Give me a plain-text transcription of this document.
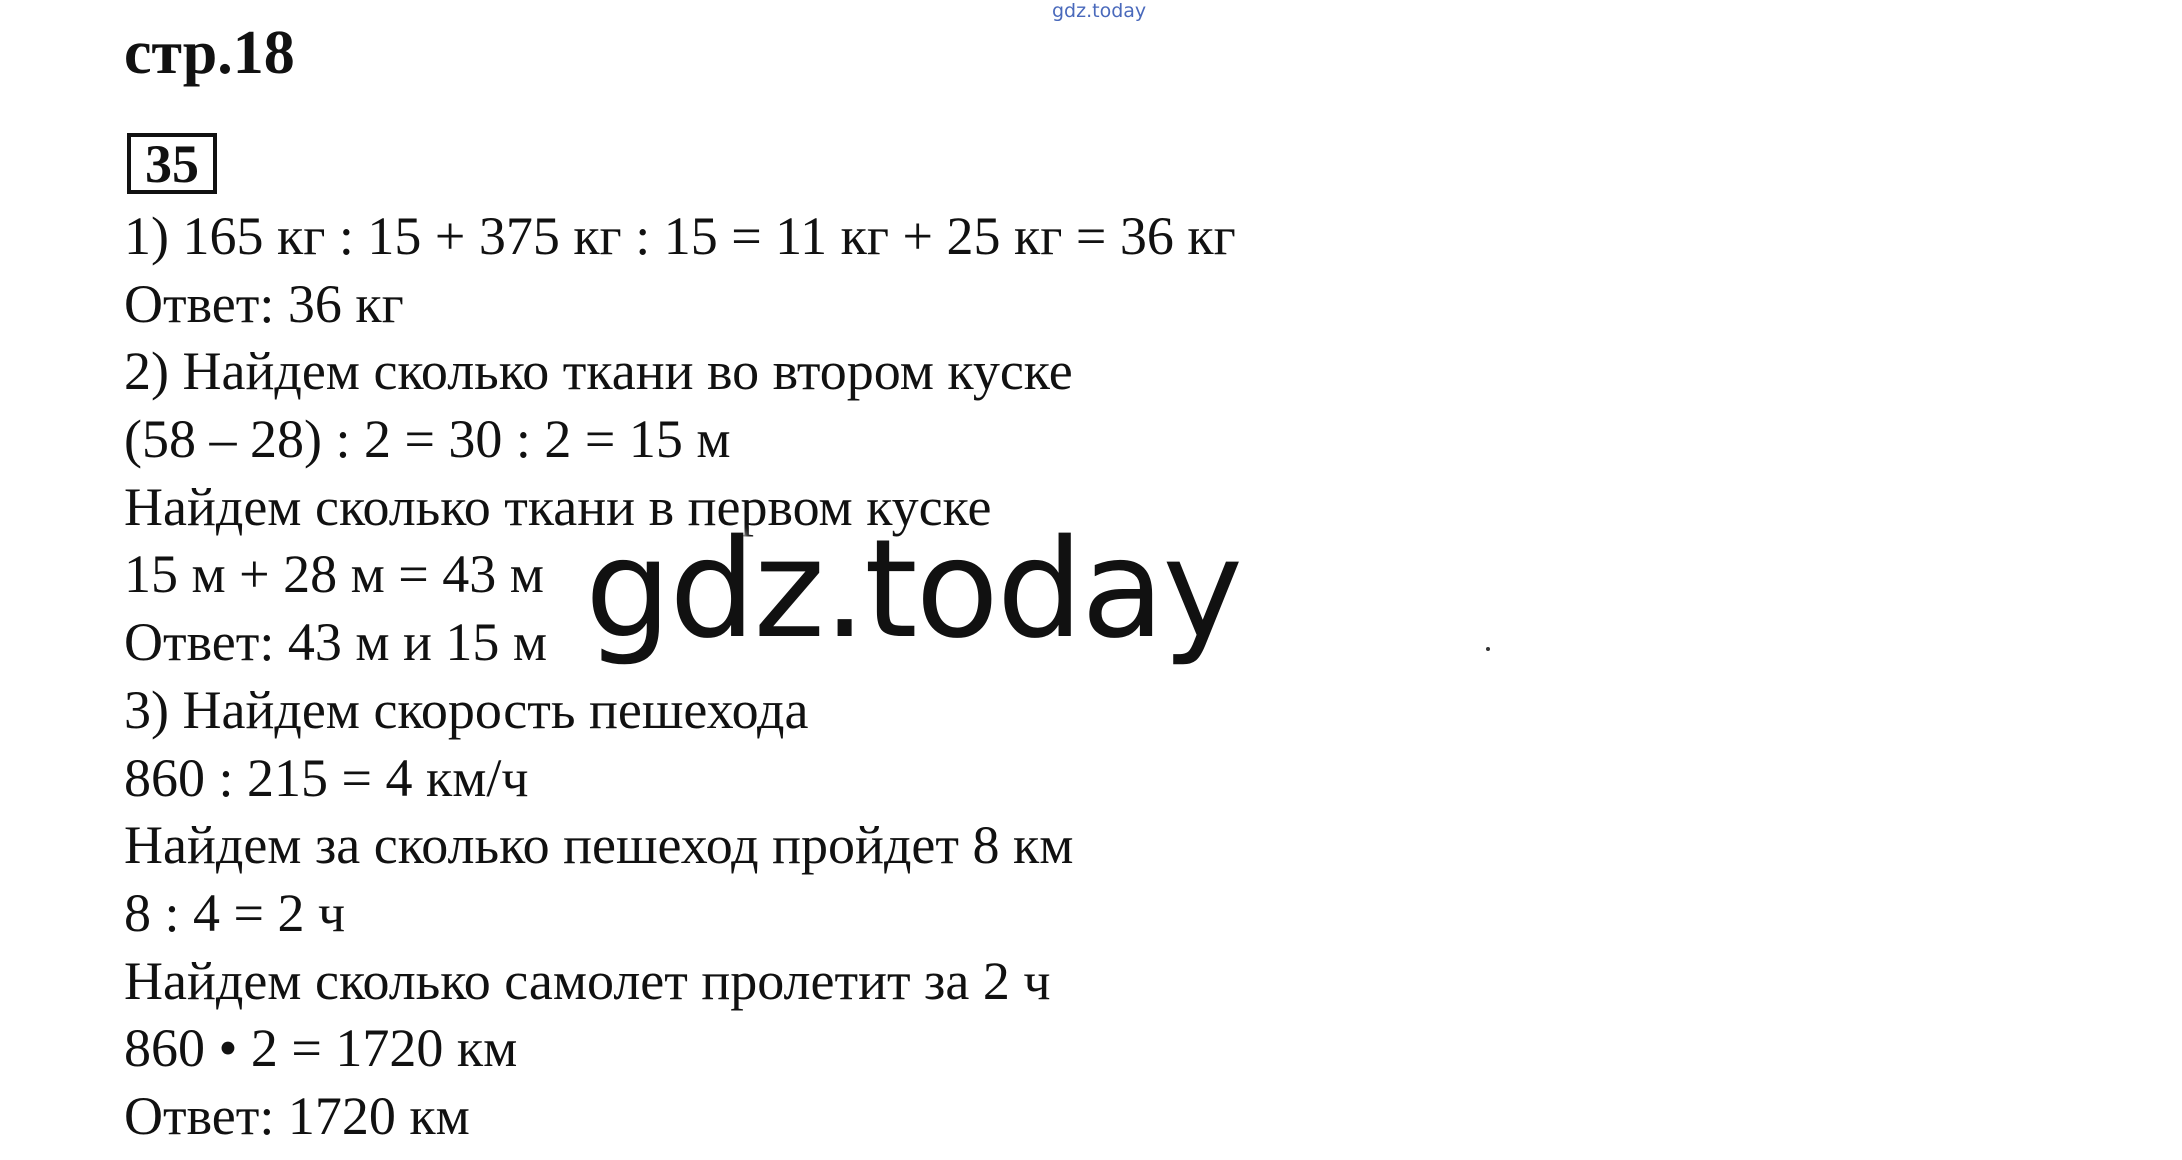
gdz.today
стр.18
35
1) 165 кг : 15 + 375 кг : 15 = 11 кг + 25 кг = 36 кг
Ответ: 36 кг
2) Найдем сколько ткани во втором куске
(58 – 28) : 2 = 30 : 2 = 15 м
Найдем сколько ткани в первом куске
15 м + 28 м = 43 м
Ответ: 43 м и 15 м
3) Найдем скорость пешехода
860 : 215 = 4 км/ч
Найдем за сколько пешеход пройдет 8 км
8 : 4 = 2 ч
Найдем сколько самолет пролетит за 2 ч
860 • 2 = 1720 км
Ответ: 1720 км
gdz.today
